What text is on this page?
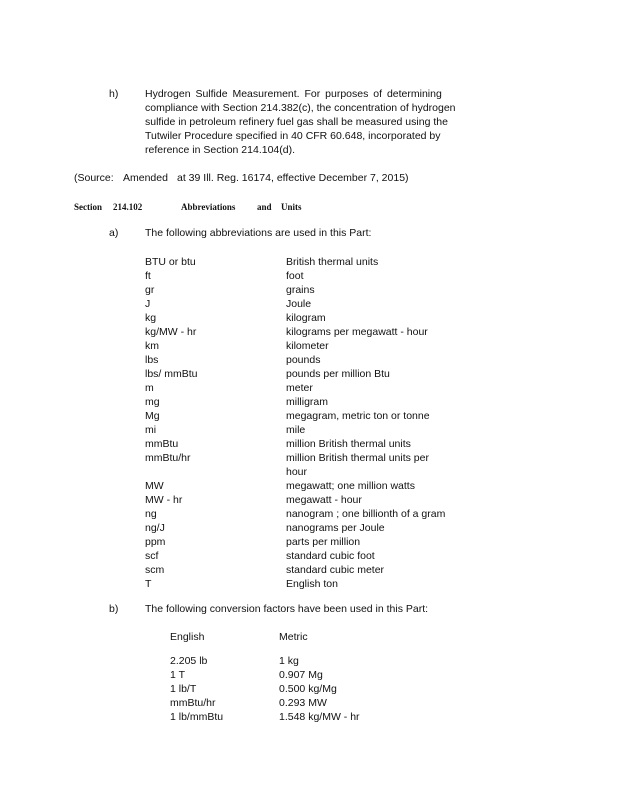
h)	Hydrogen Sulfide Measurement. For purposes of determining
compliance with Section 214.382(c), the concentration of hydrogen
sulfide in petroleum refinery fuel gas shall be measured using the
Tutwiler Procedure specified in 40 CFR 60.648, incorporated by
reference in Section 214.104(d).
(Source: Amended at 39 Ill. Reg. 16174, effective December 7, 2015)
Section 214.102	Abbreviations and Units
a)	The following abbreviations are used in this Part:
BTU or btu	British thermal units
ft	foot
gr	grains
J	Joule
kg	kilogram
kg/MW - hr	kilograms per megawatt - hour
km	kilometer
lbs	pounds
lbs/ mmBtu	pounds per million Btu
m	meter
mg	milligram
Mg	megagram, metric ton or tonne
mi	mile
mmBtu	million British thermal units
mmBtu/hr	million British thermal units per
hour
MW	megawatt; one million watts
MW - hr	megawatt - hour
ng	nanogram ; one billionth of a gram
ng/J	nanograms per Joule
ppm	parts per million
scf	standard cubic foot
scm	standard cubic meter
T	English ton
b)	The following conversion factors have been used in this Part:
English	Metric
2.205 lb	1 kg
1 T	0.907 Mg
1 lb/T	0.500 kg/Mg
mmBtu/hr	0.293 MW
1 lb/mmBtu	1.548 kg/MW - hr
